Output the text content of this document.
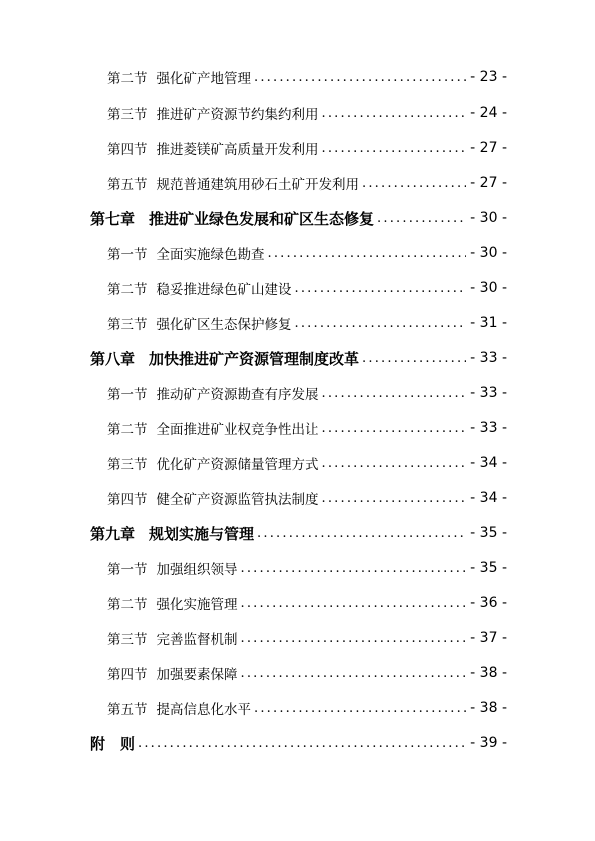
第二节 强化矿产地管理 .....	- 23 -
第三节 推进矿产资源节约集约利用 .....	- 24 -
第四节 推进菱镁矿高质量开发利用 .....	- 27 -
第五节 规范普通建筑用砂石土矿开发利用 .....	- 27 -
第七章 推进矿业绿色发展和矿区生态修复 .....	- 30 -
第一节 全面实施绿色勘查 .....	- 30 -
第二节 稳妥推进绿色矿山建设 .....	- 30 -
第三节 强化矿区生态保护修复 .....	- 31 -
第八章 加快推进矿产资源管理制度改革 .....	- 33 -
第一节 推动矿产资源勘查有序发展 .....	- 33 -
第二节 全面推进矿业权竞争性出让 .....	- 33 -
第三节 优化矿产资源储量管理方式 .....	- 34 -
第四节 健全矿产资源监管执法制度 .....	- 34 -
第九章 规划实施与管理 .....	- 35 -
第一节 加强组织领导 .....	- 35 -
第二节 强化实施管理 .....	- 36 -
第三节 完善监督机制 .....	- 37 -
第四节 加强要素保障 .....	- 38 -
第五节 提高信息化水平 .....	- 38 -
附　则 .....	- 39 -
